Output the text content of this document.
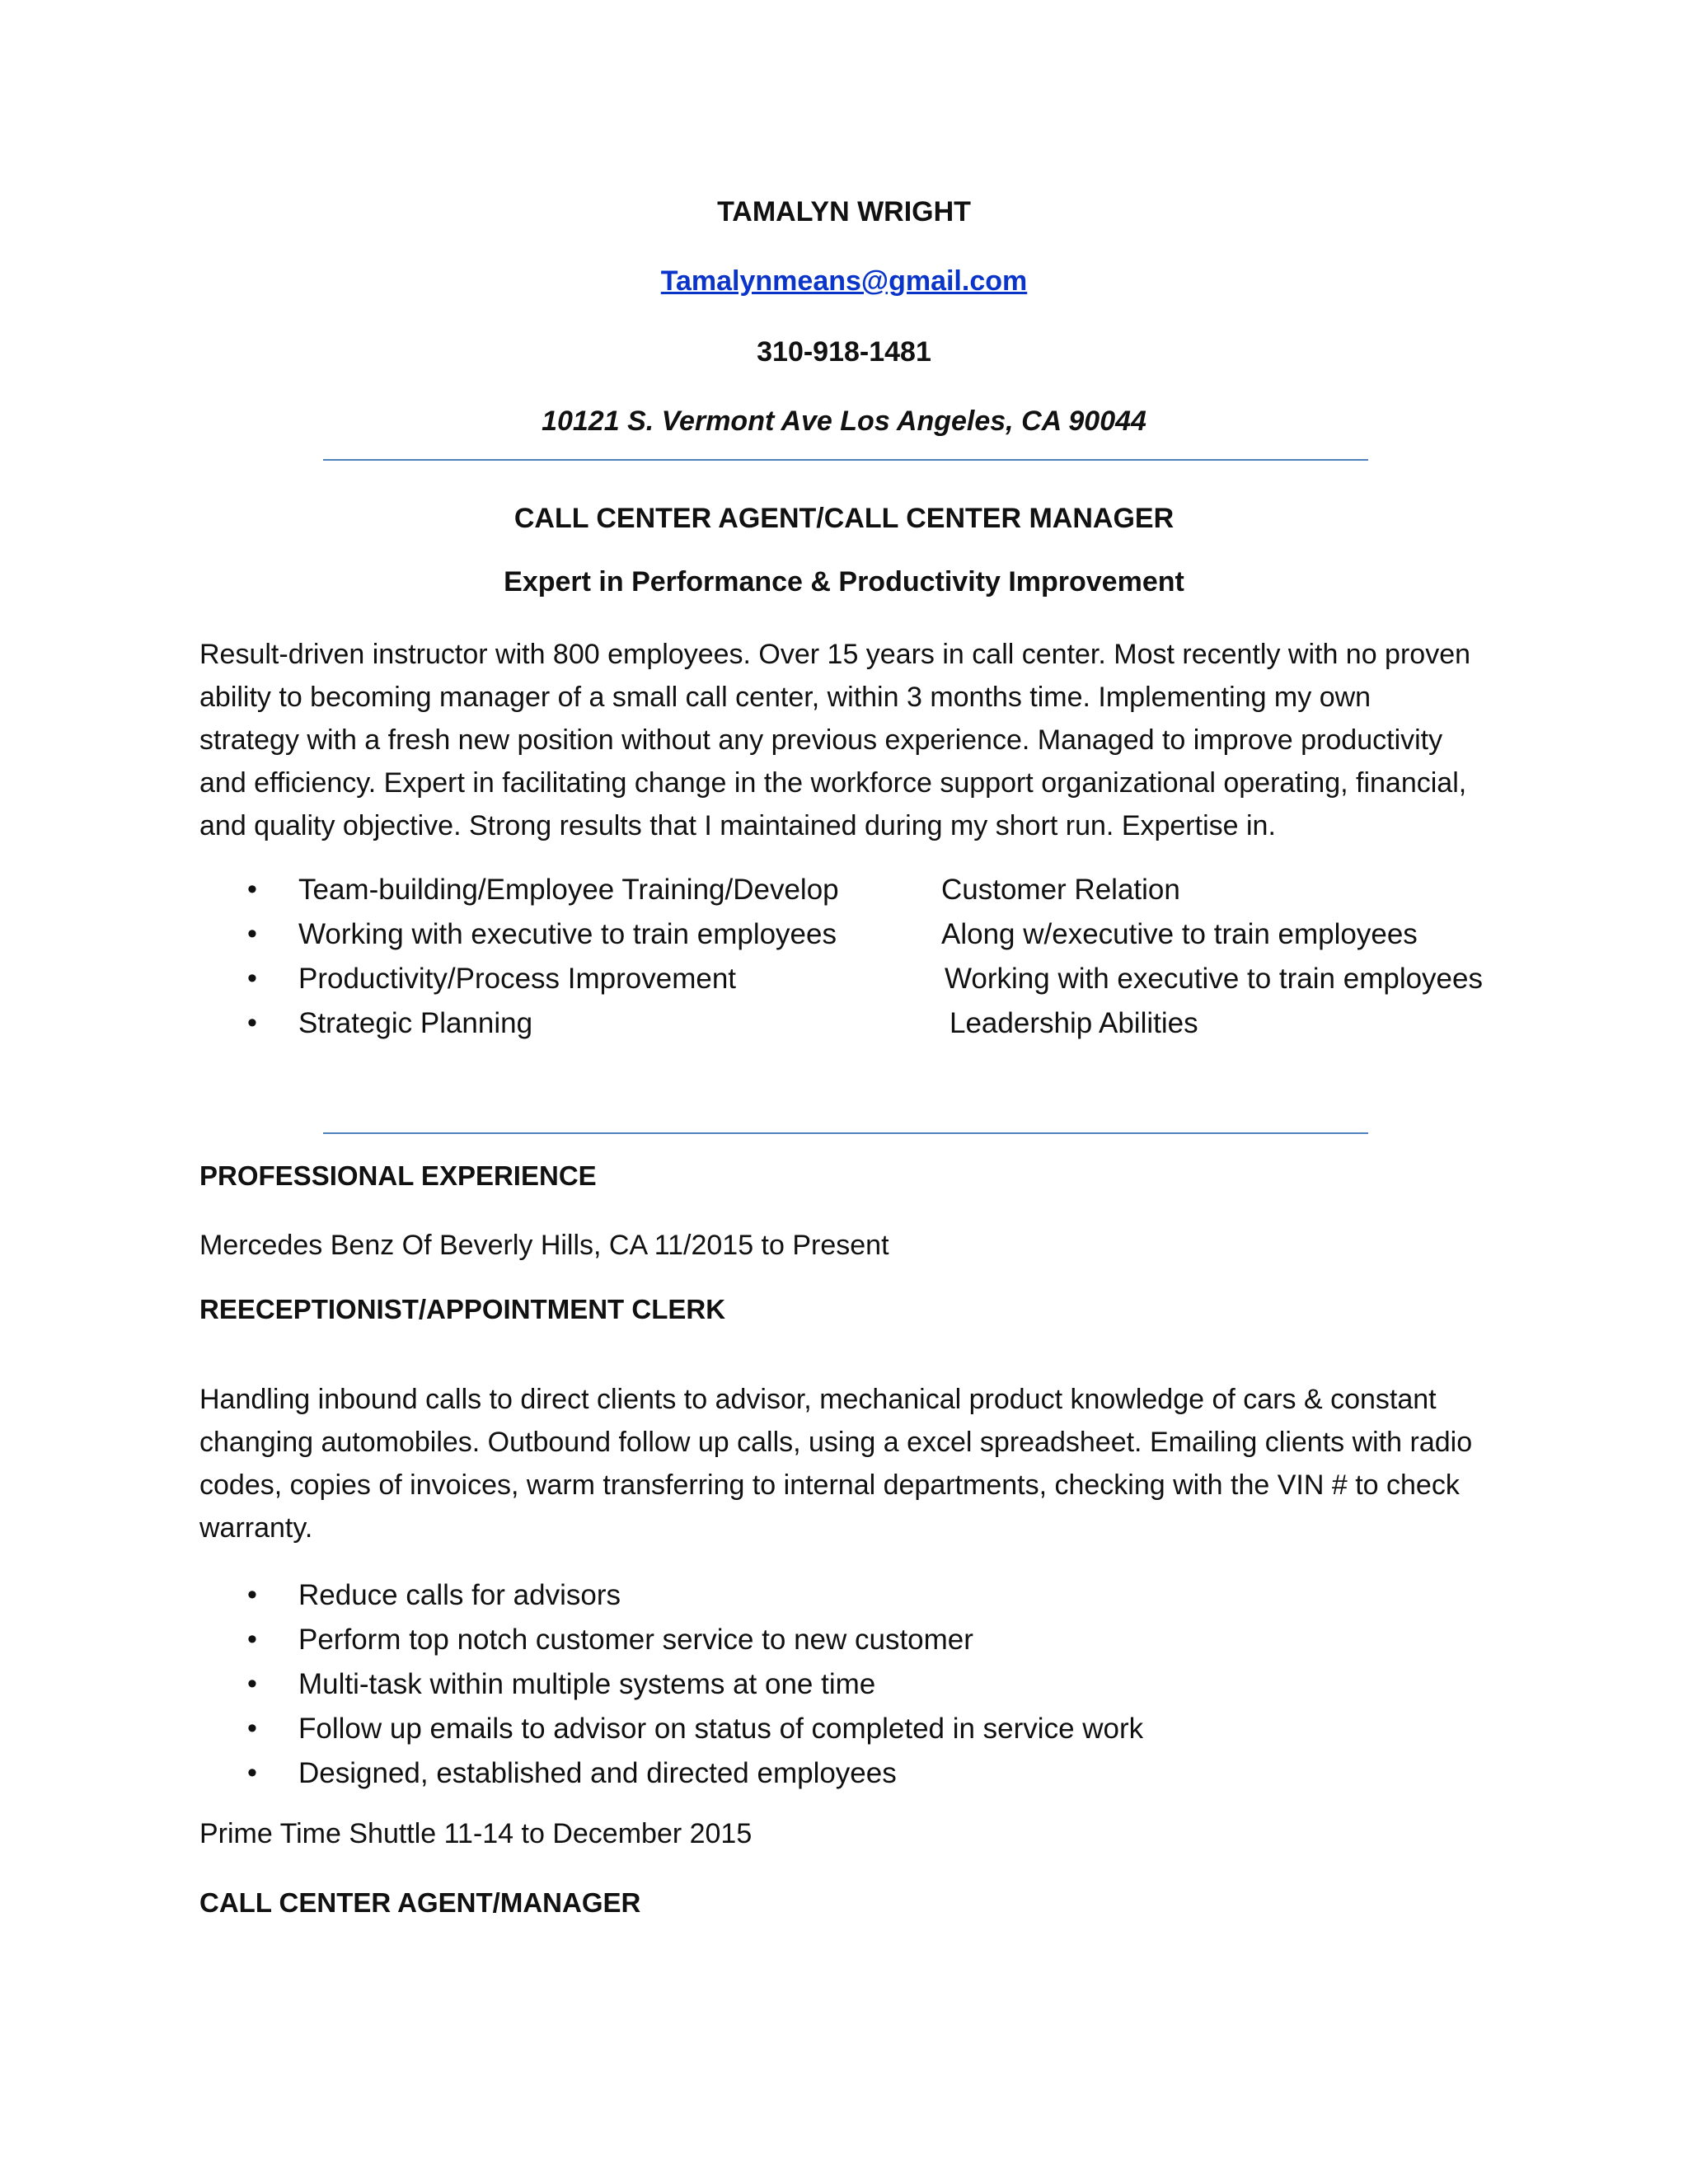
TAMALYN WRIGHT

Tamalynmeans@gmail.com

310-918-1481

10121 S. Vermont Ave Los Angeles, CA 90044

CALL CENTER AGENT/CALL CENTER MANAGER

Expert in Performance & Productivity Improvement

Result-driven instructor with 800 employees. Over 15 years in call center. Most recently with no proven
ability to becoming manager of a small call center, within 3 months time. Implementing my own
strategy with a fresh new position without any previous experience. Managed to improve productivity
and efficiency. Expert in facilitating change in the workforce support organizational operating, financial,
and quality objective. Strong results that I maintained during my short run. Expertise in.
• Team-building/Employee Training/Develop	Customer Relation
• Working with executive to train employees	Along w/executive to train employees
• Productivity/Process Improvement	Working with executive to train employees
• Strategic Planning	Leadership Abilities

PROFESSIONAL EXPERIENCE

Mercedes Benz Of Beverly Hills, CA 11/2015 to Present

REECEPTIONIST/APPOINTMENT CLERK

Handling inbound calls to direct clients to advisor, mechanical product knowledge of cars & constant
changing automobiles. Outbound follow up calls, using a excel spreadsheet. Emailing clients with radio
codes, copies of invoices, warm transferring to internal departments, checking with the VIN # to check
warranty.
• Reduce calls for advisors
• Perform top notch customer service to new customer
• Multi-task within multiple systems at one time
• Follow up emails to advisor on status of completed in service work
• Designed, established and directed employees

Prime Time Shuttle 11-14 to December 2015

CALL CENTER AGENT/MANAGER
